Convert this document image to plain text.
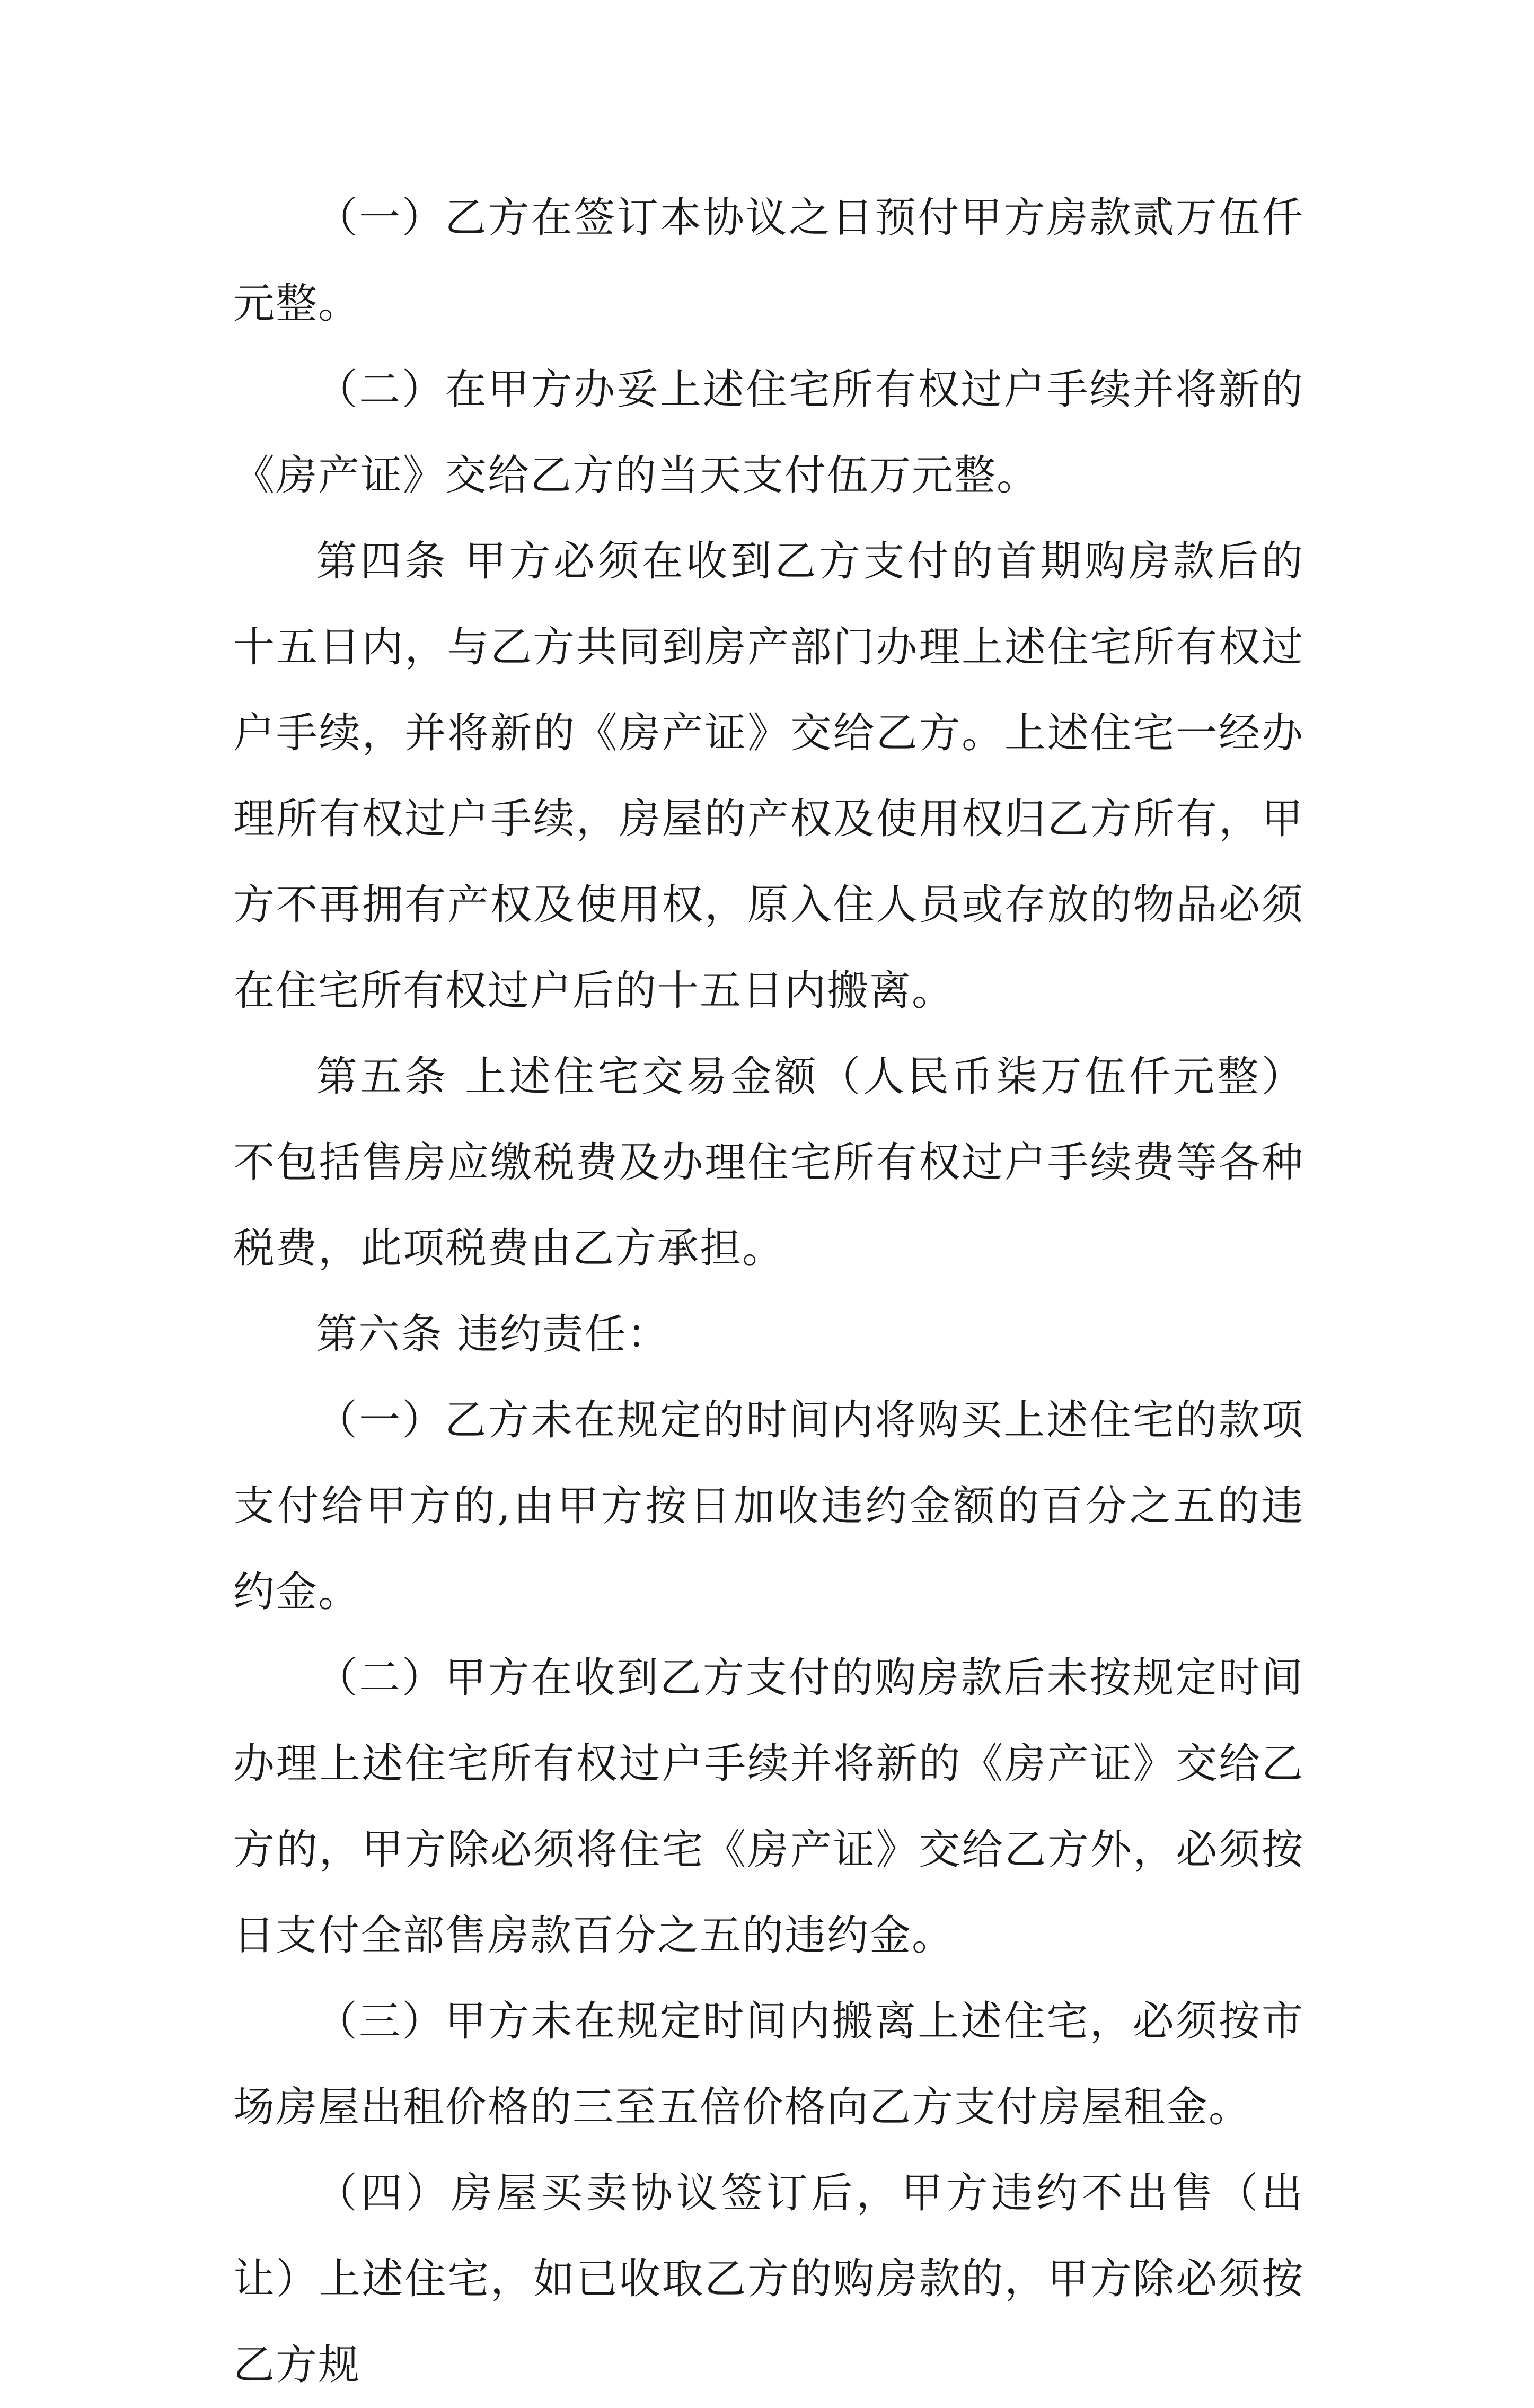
（一）乙方在签订本协议之日预付甲方房款贰万伍仟元整。

（二）在甲方办妥上述住宅所有权过户手续并将新的《房产证》交给乙方的当天支付伍万元整。

第四条 甲方必须在收到乙方支付的首期购房款后的十五日内，与乙方共同到房产部门办理上述住宅所有权过户手续，并将新的《房产证》交给乙方。上述住宅一经办理所有权过户手续，房屋的产权及使用权归乙方所有，甲方不再拥有产权及使用权，原入住人员或存放的物品必须在住宅所有权过户后的十五日内搬离。

第五条 上述住宅交易金额（人民币柒万伍仟元整）不包括售房应缴税费及办理住宅所有权过户手续费等各种税费，此项税费由乙方承担。

第六条 违约责任：

（一）乙方未在规定的时间内将购买上述住宅的款项支付给甲方的,由甲方按日加收违约金额的百分之五的违约金。

（二）甲方在收到乙方支付的购房款后未按规定时间办理上述住宅所有权过户手续并将新的《房产证》交给乙方的，甲方除必须将住宅《房产证》交给乙方外，必须按日支付全部售房款百分之五的违约金。

（三）甲方未在规定时间内搬离上述住宅，必须按市场房屋出租价格的三至五倍价格向乙方支付房屋租金。

（四）房屋买卖协议签订后，甲方违约不出售（出让）上述住宅，如已收取乙方的购房款的，甲方除必须按乙方规
